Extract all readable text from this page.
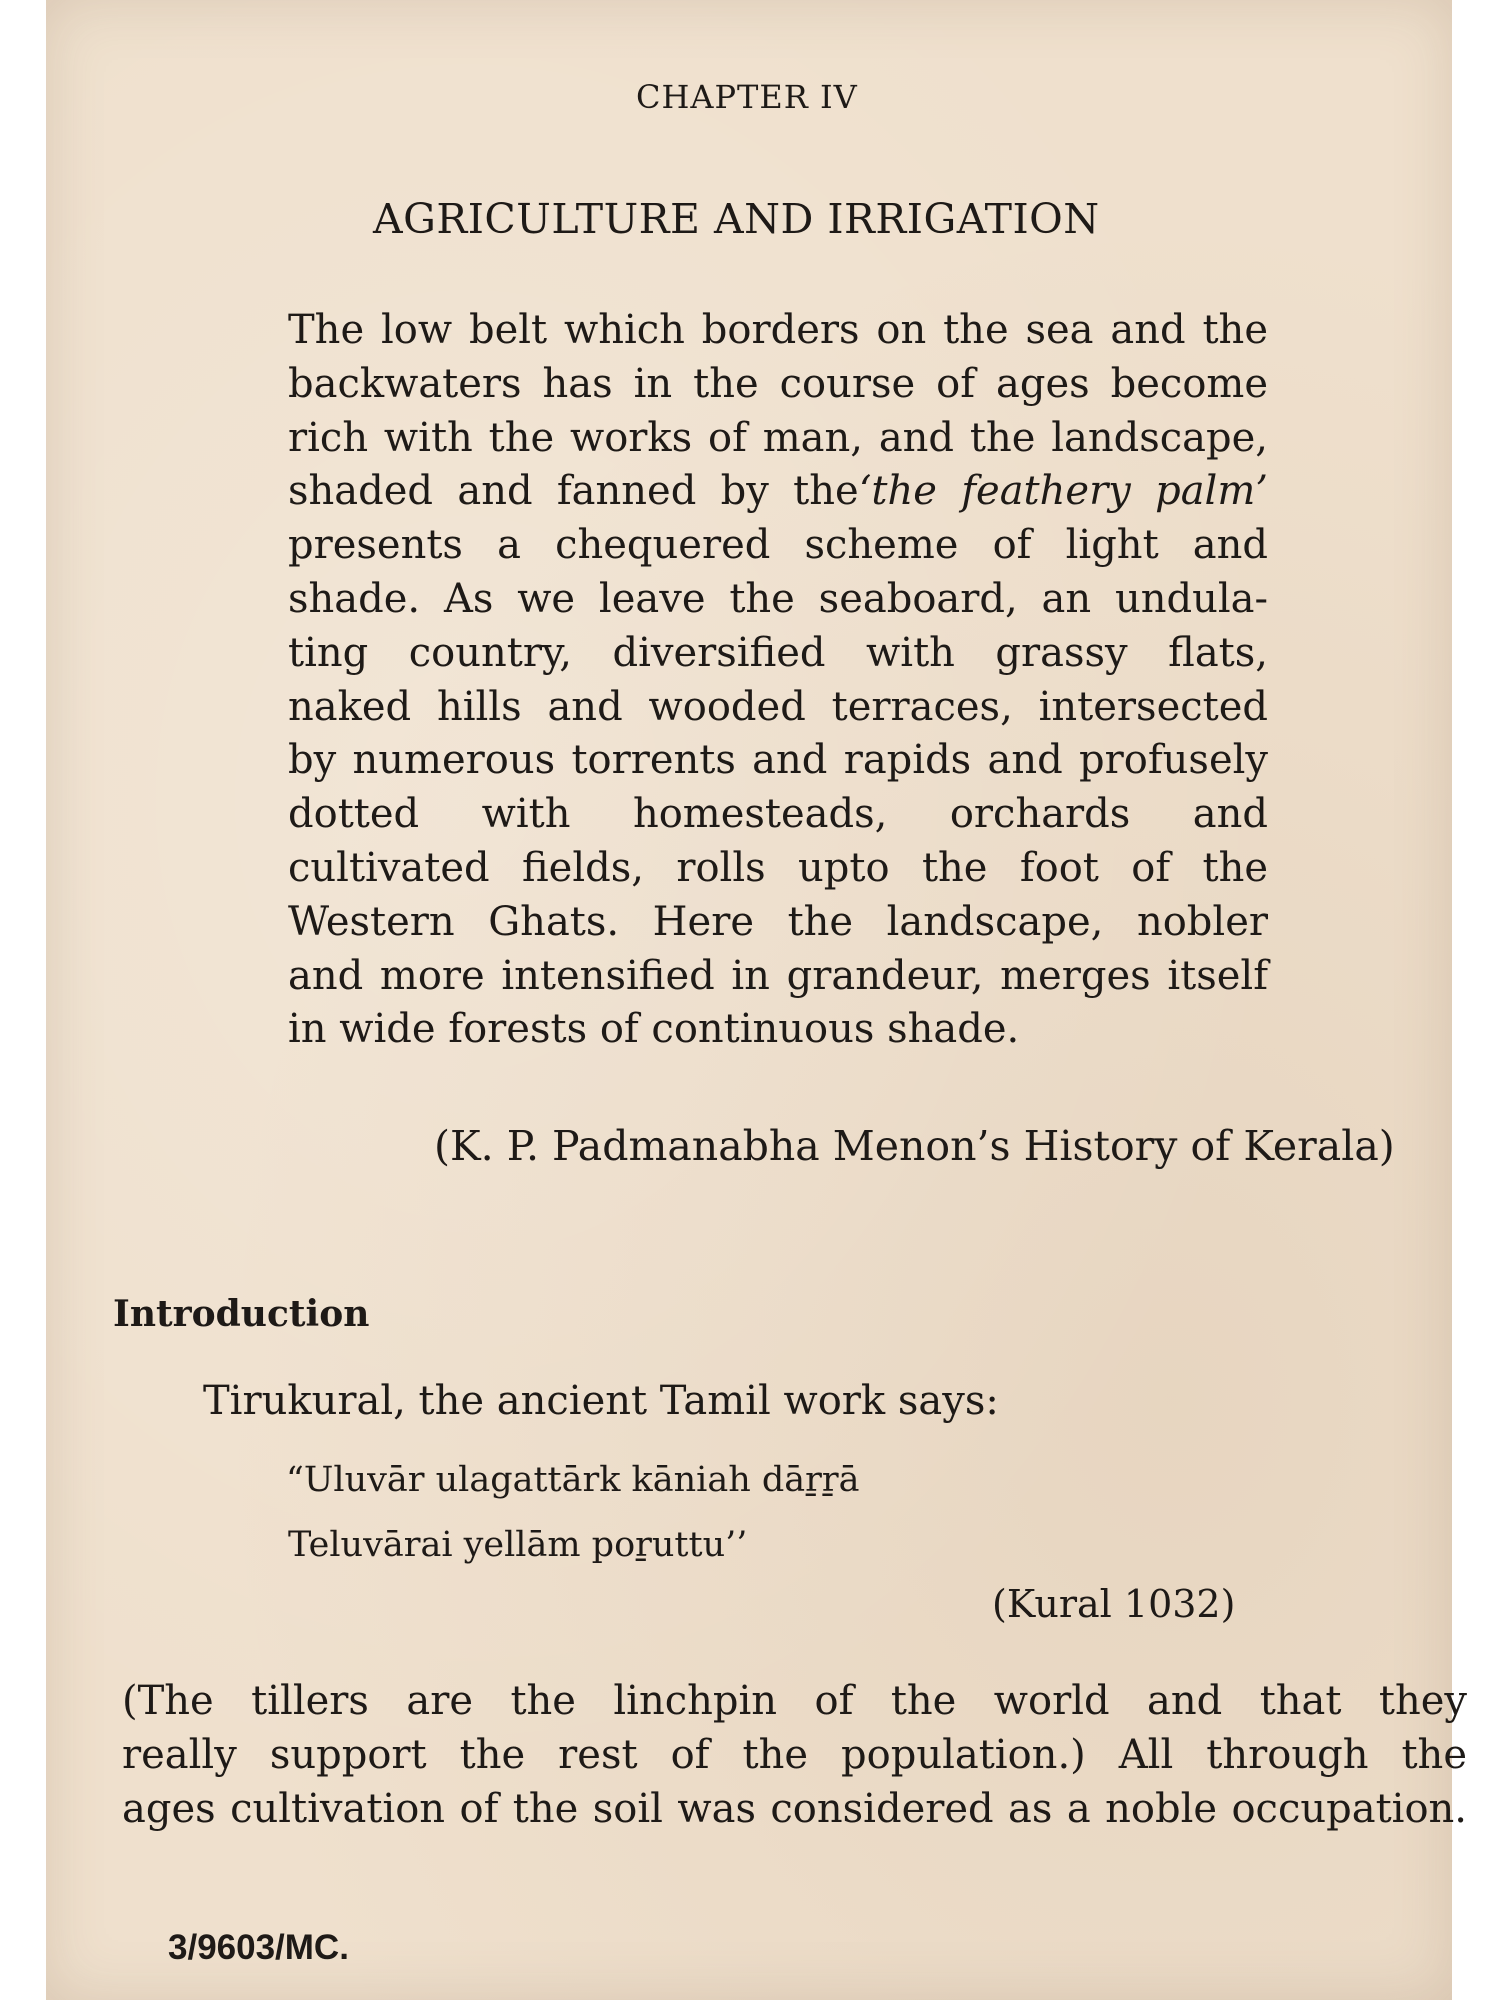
CHAPTER IV

AGRICULTURE AND IRRIGATION

The low belt which borders on the sea and the
backwaters has in the course of ages become
rich with the works of man, and the landscape,
shaded and fanned by the‘the feathery palm’
presents a chequered scheme of light and
shade. As we leave the seaboard, an undula-
ting country, diversified with grassy flats,
naked hills and wooded terraces, intersected
by numerous torrents and rapids and profusely
dotted with homesteads, orchards and
cultivated fields, rolls upto the foot of the
Western Ghats. Here the landscape, nobler
and more intensified in grandeur, merges itself
in wide forests of continuous shade.

(K. P. Padmanabha Menon’s History of Kerala)

Introduction

Tirukural, the ancient Tamil work says:

“Uluvār ulagattārk kāniah dāṟṟā

Teluvārai yellām poṟuttu’’

(Kural 1032)

(The tillers are the linchpin of the world and that they
really support the rest of the population.) All through the
ages cultivation of the soil was considered as a noble occupation.

3/9603/MC.
